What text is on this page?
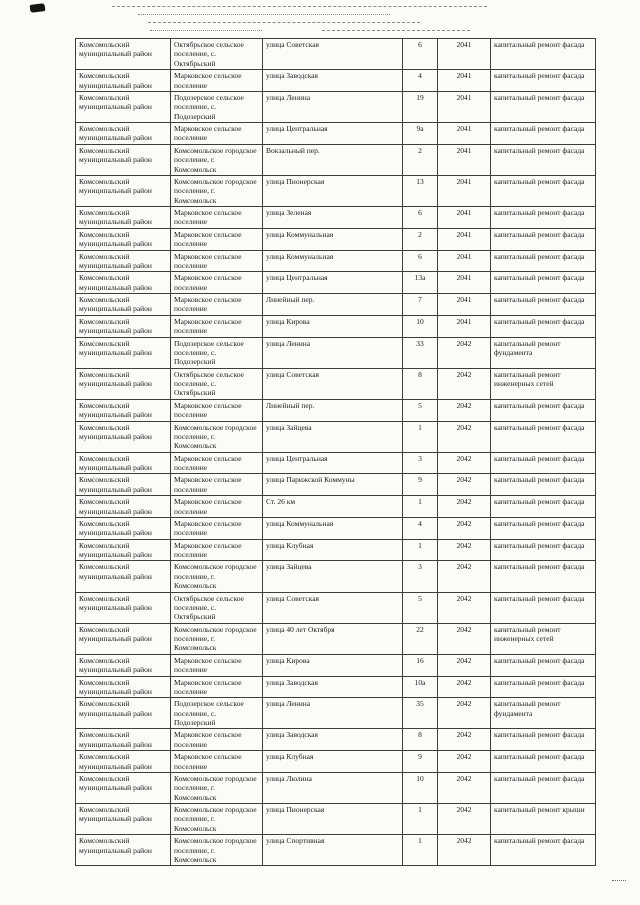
Комсомольский муниципальный район	Октябрьское сельское поселение, с. Октябрьский	улица Советская	6	2041	капитальный ремонт фасада
Комсомольский муниципальный район	Марковское сельское поселение	улица Заводская	4	2041	капитальный ремонт фасада
Комсомольский муниципальный район	Подозерское сельское поселение, с. Подозерский	улица Ленина	19	2041	капитальный ремонт фасада
Комсомольский муниципальный район	Марковское сельское поселение	улица Центральная	9а	2041	капитальный ремонт фасада
Комсомольский муниципальный район	Комсомольское городское поселение, г. Комсомольск	Вокзальный пер.	2	2041	капитальный ремонт фасада
Комсомольский муниципальный район	Комсомольское городское поселение, г. Комсомольск	улица Пионерская	13	2041	капитальный ремонт фасада
Комсомольский муниципальный район	Марковское сельское поселение	улица Зеленая	6	2041	капитальный ремонт фасада
Комсомольский муниципальный район	Марковское сельское поселение	улица Коммунальная	2	2041	капитальный ремонт фасада
Комсомольский муниципальный район	Марковское сельское поселение	улица Коммунальная	6	2041	капитальный ремонт фасада
Комсомольский муниципальный район	Марковское сельское поселение	улица Центральная	13а	2041	капитальный ремонт фасада
Комсомольский муниципальный район	Марковское сельское поселение	Линейный пер.	7	2041	капитальный ремонт фасада
Комсомольский муниципальный район	Марковское сельское поселение	улица Кирова	10	2041	капитальный ремонт фасада
Комсомольский муниципальный район	Подозерское сельское поселение, с. Подозерский	улица Ленина	33	2042	капитальный ремонт фундамента
Комсомольский муниципальный район	Октябрьское сельское поселение, с. Октябрьский	улица Советская	8	2042	капитальный ремонт инженерных сетей
Комсомольский муниципальный район	Марковское сельское поселение	Линейный пер.	5	2042	капитальный ремонт фасада
Комсомольский муниципальный район	Комсомольское городское поселение, г. Комсомольск	улица Зайцева	1	2042	капитальный ремонт фасада
Комсомольский муниципальный район	Марковское сельское поселение	улица Центральная	3	2042	капитальный ремонт фасада
Комсомольский муниципальный район	Марковское сельское поселение	улица Парижской Коммуны	9	2042	капитальный ремонт фасада
Комсомольский муниципальный район	Марковское сельское поселение	Ст. 26 км	1	2042	капитальный ремонт фасада
Комсомольский муниципальный район	Марковское сельское поселение	улица Коммунальная	4	2042	капитальный ремонт фасада
Комсомольский муниципальный район	Марковское сельское поселение	улица Клубная	1	2042	капитальный ремонт фасада
Комсомольский муниципальный район	Комсомольское городское поселение, г. Комсомольск	улица Зайцева	3	2042	капитальный ремонт фасада
Комсомольский муниципальный район	Октябрьское сельское поселение, с. Октябрьский	улица Советская	5	2042	капитальный ремонт фасада
Комсомольский муниципальный район	Комсомольское городское поселение, г. Комсомольск	улица 40 лет Октября	22	2042	капитальный ремонт инженерных сетей
Комсомольский муниципальный район	Марковское сельское поселение	улица Кирова	16	2042	капитальный ремонт фасада
Комсомольский муниципальный район	Марковское сельское поселение	улица Заводская	10а	2042	капитальный ремонт фасада
Комсомольский муниципальный район	Подозерское сельское поселение, с. Подозерский	улица Ленина	35	2042	капитальный ремонт фундамента
Комсомольский муниципальный район	Марковское сельское поселение	улица Заводская	8	2042	капитальный ремонт фасада
Комсомольский муниципальный район	Марковское сельское поселение	улица Клубная	9	2042	капитальный ремонт фасада
Комсомольский муниципальный район	Комсомольское городское поселение, г. Комсомольск	улица Люлина	10	2042	капитальный ремонт фасада
Комсомольский муниципальный район	Комсомольское городское поселение, г. Комсомольск	улица Пионерская	1	2042	капитальный ремонт крыши
Комсомольский муниципальный район	Комсомольское городское поселение, г. Комсомольск	улица Спортивная	1	2042	капитальный ремонт фасада
